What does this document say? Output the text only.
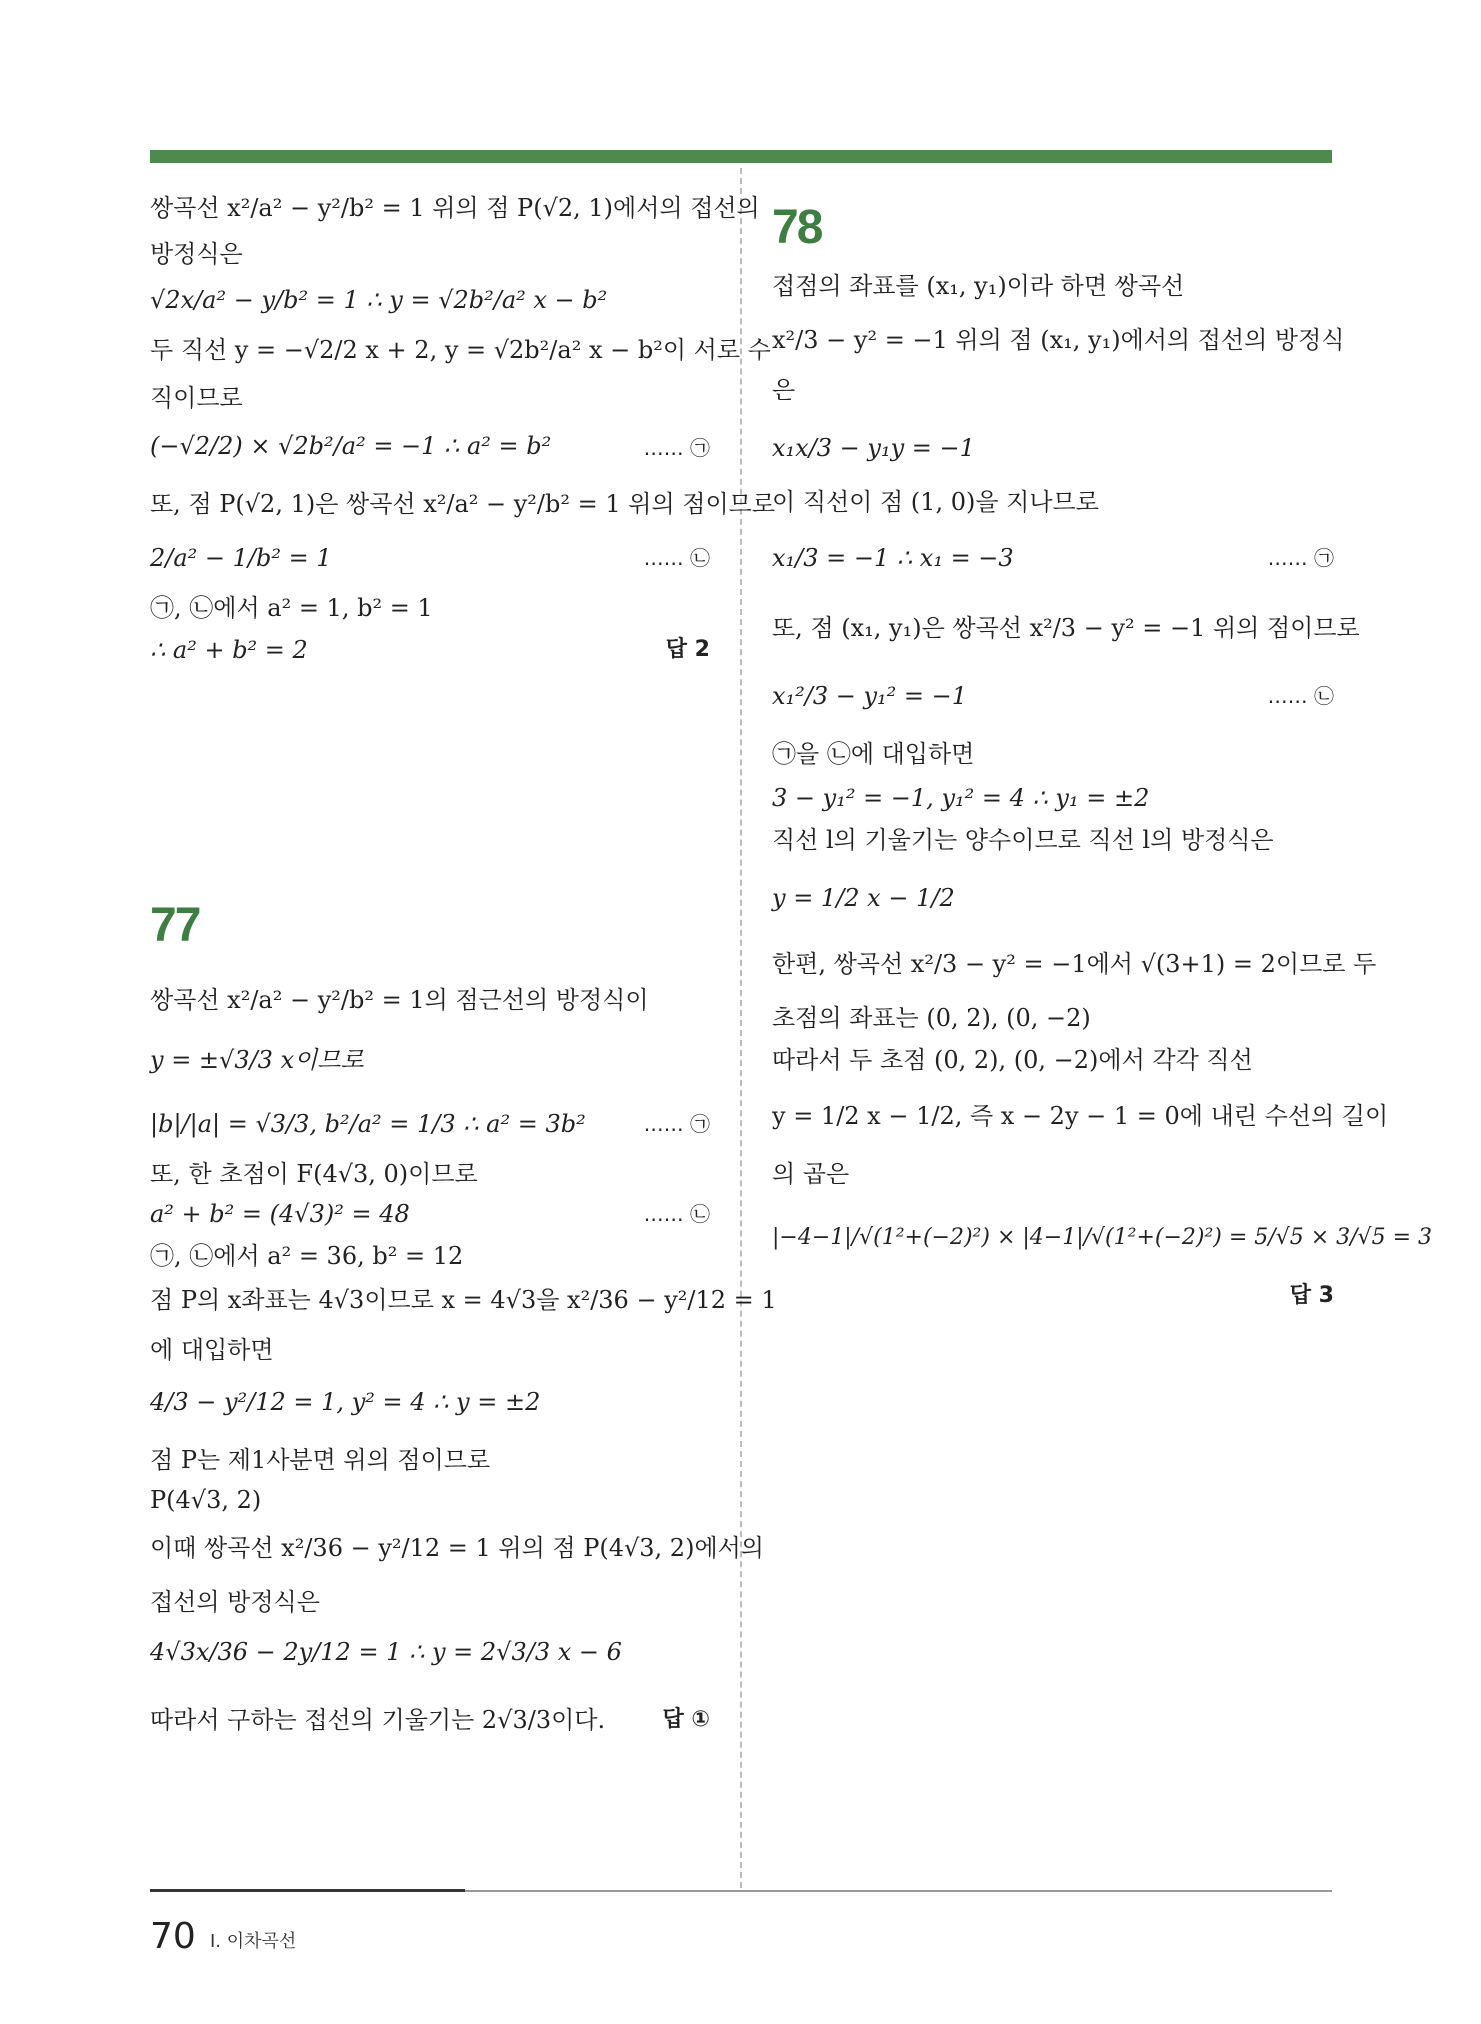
쌍곡선 x²/a² − y²/b² = 1 위의 점 P(√2, 1)에서의 접선의
방정식은
√2x/a² − y/b² = 1 ∴ y = √2b²/a² x − b²
두 직선 y = −√2/2 x + 2, y = √2b²/a² x − b²이 서로 수
직이므로
(−√2/2) × √2b²/a² = −1 ∴ a² = b²	…… ㉠
또, 점 P(√2, 1)은 쌍곡선 x²/a² − y²/b² = 1 위의 점이므로
2/a² − 1/b² = 1	…… ㉡
㉠, ㉡에서 a² = 1, b² = 1
∴ a² + b² = 2	답 2
77
쌍곡선 x²/a² − y²/b² = 1의 점근선의 방정식이
y = ±√3/3 x이므로
|b|/|a| = √3/3, b²/a² = 1/3 ∴ a² = 3b²	…… ㉠
또, 한 초점이 F(4√3, 0)이므로
a² + b² = (4√3)² = 48	…… ㉡
㉠, ㉡에서 a² = 36, b² = 12
점 P의 x좌표는 4√3이므로 x = 4√3을 x²/36 − y²/12 = 1
에 대입하면
4/3 − y²/12 = 1, y² = 4 ∴ y = ±2
점 P는 제1사분면 위의 점이므로
P(4√3, 2)
이때 쌍곡선 x²/36 − y²/12 = 1 위의 점 P(4√3, 2)에서의
접선의 방정식은
4√3x/36 − 2y/12 = 1 ∴ y = 2√3/3 x − 6
따라서 구하는 접선의 기울기는 2√3/3이다.	답 ①
78
접점의 좌표를 (x₁, y₁)이라 하면 쌍곡선
x²/3 − y² = −1 위의 점 (x₁, y₁)에서의 접선의 방정식
은
x₁x/3 − y₁y = −1
이 직선이 점 (1, 0)을 지나므로
x₁/3 = −1 ∴ x₁ = −3	…… ㉠
또, 점 (x₁, y₁)은 쌍곡선 x²/3 − y² = −1 위의 점이므로
x₁²/3 − y₁² = −1	…… ㉡
㉠을 ㉡에 대입하면
3 − y₁² = −1, y₁² = 4 ∴ y₁ = ±2
직선 l의 기울기는 양수이므로 직선 l의 방정식은
y = 1/2 x − 1/2
한편, 쌍곡선 x²/3 − y² = −1에서 √(3+1) = 2이므로 두
초점의 좌표는 (0, 2), (0, −2)
따라서 두 초점 (0, 2), (0, −2)에서 각각 직선
y = 1/2 x − 1/2, 즉 x − 2y − 1 = 0에 내린 수선의 길이
의 곱은
|−4−1|/√(1²+(−2)²) × |4−1|/√(1²+(−2)²) = 5/√5 × 3/√5 = 3
답 3
70 Ⅰ. 이차곡선
